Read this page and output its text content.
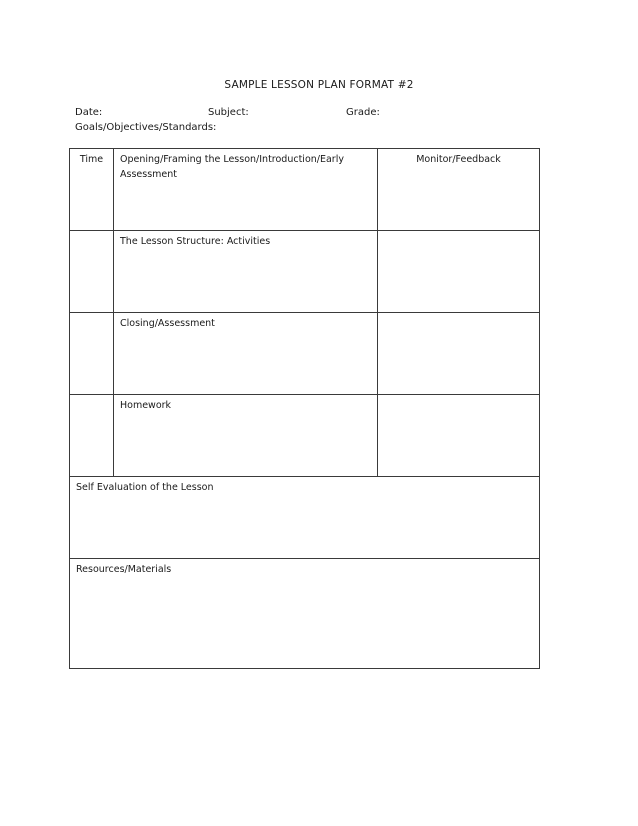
SAMPLE LESSON PLAN FORMAT #2
Date:	Subject:	Grade:
Goals/Objectives/Standards:
Time	Opening/Framing the Lesson/Introduction/Early Assessment	Monitor/Feedback
	The Lesson Structure: Activities	
	Closing/Assessment	
	Homework	
Self Evaluation of the Lesson		
Resources/Materials		
